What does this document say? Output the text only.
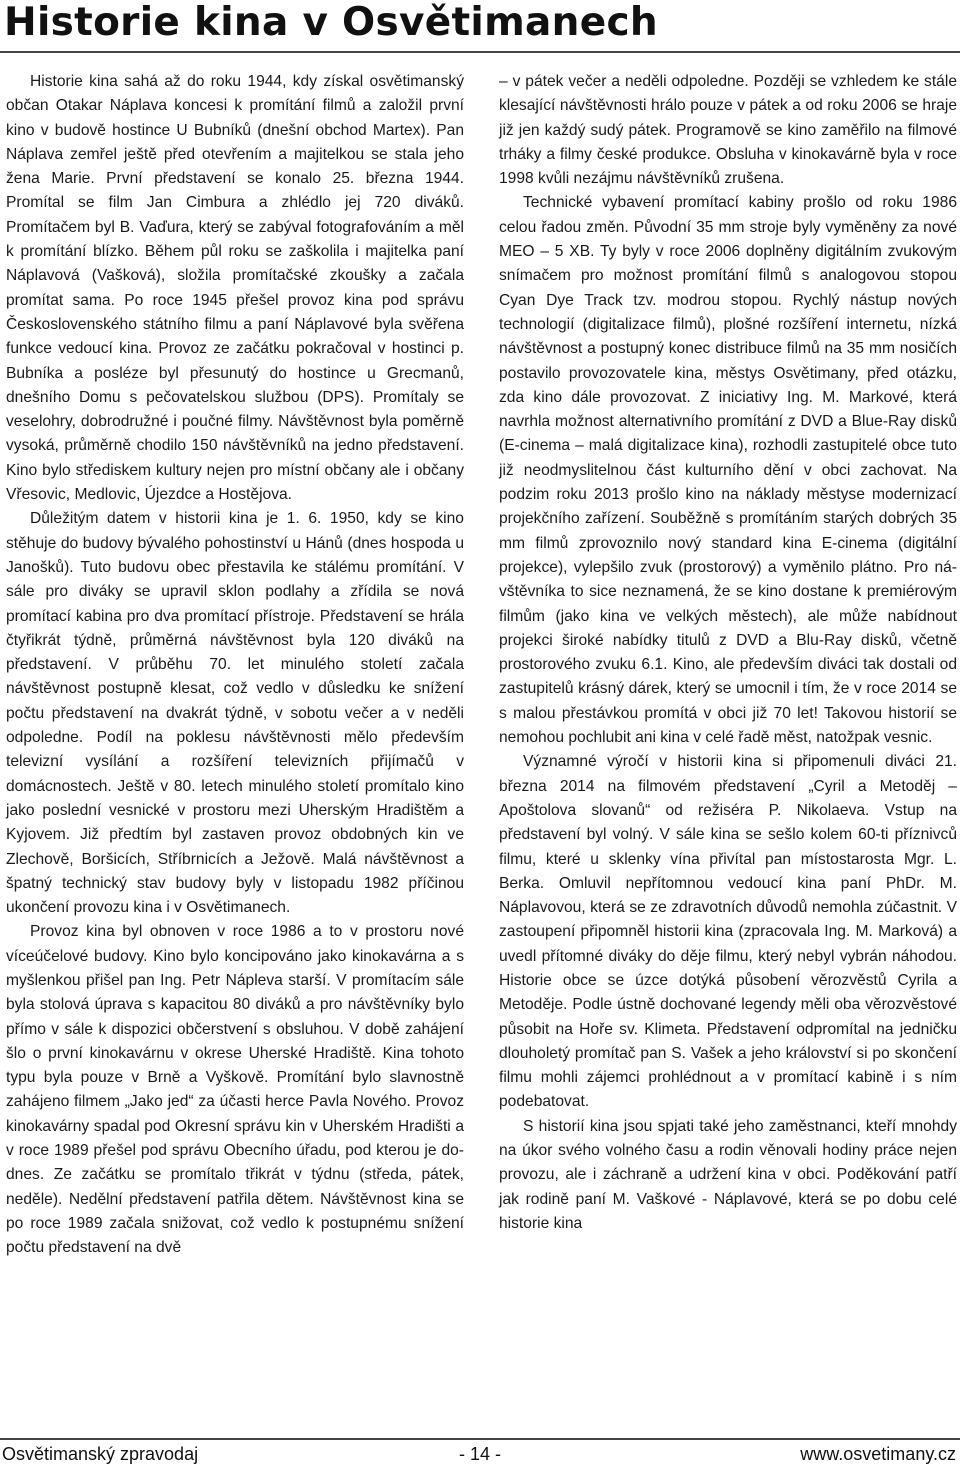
Historie kina v Osvětimanech

Historie kina sahá až do roku 1944, kdy získal osvětimanský občan Otakar Náplava koncesi k promítání filmů a založil první kino v budově hostince U Bubníků (dnešní obchod Martex). Pan Náplava zemřel ještě před otevřením a majitelkou se stala jeho žena Marie. První představení se konalo 25. března 1944. Promítal se film Jan Cimbura a zhlédlo jej 720 diváků. Promítačem byl B. Vaďura, který se zabýval fotografováním a měl k promítání blízko. Během půl roku se zaškolila i majitelka paní Náplavová (Vašková), složila promítačské zkoušky a začala promítat sama. Po roce 1945 přešel provoz kina pod správu Československého státního filmu a paní Náplavové byla svěřena funkce vedoucí kina. Provoz ze začátku pokračoval v hostinci p. Bubníka a posléze byl přesunutý do hostince u Grecmanů, dnešního Domu s pečovatelskou službou (DPS). Promítaly se veselohry, dobrodružné i poučné filmy. Návštěvnost byla poměrně vysoká, průměrně chodilo 150 návštěvníků na jedno představení. Kino bylo střediskem kultury nejen pro místní občany ale i občany Vřesovic, Medlovic, Újezdce a Hostějova.

Důležitým datem v historii kina je 1. 6. 1950, kdy se kino stěhuje do budovy bývalého pohostinství u Hánů (dnes hospoda u Janošků). Tuto budovu obec přestavila ke stálému promítání. V sále pro diváky se upravil sklon podlahy a zřídila se nová promítací kabina pro dva promítací přístroje. Představení se hrála čtyřikrát týdně, průměrná návštěvnost byla 120 diváků na představení. V průběhu 70. let minulého století začala návštěvnost postupně klesat, což vedlo v důsledku ke snížení počtu představení na dvakrát týdně, v sobotu večer a v neděli odpoledne. Podíl na poklesu návštěvnosti mělo především televizní vysílání a rozšíření televizních přijímačů v domácnostech. Ještě v 80. letech minulého století promítalo kino jako poslední vesnické v prostoru mezi Uherským Hradištěm a Kyjovem. Již předtím byl zastaven provoz obdobných kin ve Zlechově, Boršicích, Stříbrnicích a Ježově. Malá návštěvnost a špatný technický stav budovy byly v listopadu 1982 příčinou ukončení provozu kina i v Osvětimanech.

Provoz kina byl obnoven v roce 1986 a to v prostoru nové víceúčelové budovy. Kino bylo koncipováno jako kinokavárna a s myšlenkou přišel pan Ing. Petr Nápleva starší. V promítacím sále byla stolová úprava s kapacitou 80 diváků a pro návštěvníky bylo přímo v sále k dispozici občerstvení s obsluhou. V době zahájení šlo o první kinokavárnu v okrese Uherské Hradiště. Kina tohoto typu byla pouze v Brně a Vyškově. Promítání bylo slavnostně zahájeno filmem „Jako jed“ za účasti herce Pavla Nového. Provoz kinokavárny spadal pod Okresní správu kin v Uherském Hradišti a v roce 1989 přešel pod správu Obecního úřadu, pod kterou je dodnes. Ze začátku se promítalo třikrát v týdnu (středa, pátek, neděle). Nedělní představení patřila dětem. Návštěvnost kina se po roce 1989 začala snižovat, což vedlo k postupnému snížení počtu představení na dvě

– v pátek večer a neděli odpoledne. Později se vzhledem ke stále klesající návštěvnosti hrálo pouze v pátek a od roku 2006 se hraje již jen každý sudý pátek. Programově se kino zaměřilo na filmové trháky a filmy české produkce. Obsluha v kinokavárně byla v roce 1998 kvůli nezájmu návštěvníků zrušena.

Technické vybavení promítací kabiny prošlo od roku 1986 celou řadou změn. Původní 35 mm stroje byly vyměněny za nové MEO – 5 XB. Ty byly v roce 2006 doplněny digitálním zvukovým snímačem pro možnost promítání filmů s analogovou stopou Cyan Dye Track tzv. modrou stopou. Rychlý nástup nových technologií (digitalizace filmů), plošné rozšíření internetu, nízká návštěvnost a postupný konec distribuce filmů na 35 mm nosičích postavilo provozovatele kina, městys Osvětimany, před otázku, zda kino dále provozovat. Z iniciativy Ing. M. Markové, která navrhla možnost alternativního promítání z DVD a Blue-Ray disků (E-cinema – malá digitalizace kina), rozhodli zastupitelé obce tuto již neodmyslitelnou část kulturního dění v obci zachovat. Na podzim roku 2013 prošlo kino na náklady městyse modernizací projekčního zařízení. Souběžně s promítáním starých dobrých 35 mm filmů zprovoznilo nový standard kina E-cinema (digitální projekce), vylepšilo zvuk (prostorový) a vyměnilo plátno. Pro návštěvníka to sice neznamená, že se kino dostane k premiérovým filmům (jako kina ve velkých městech), ale může nabídnout projekci široké nabídky titulů z DVD a Blu-Ray disků, včetně prostorového zvuku 6.1. Kino, ale především diváci tak dostali od zastupitelů krásný dárek, který se umocnil i tím, že v roce 2014 se s malou přestávkou promítá v obci již 70 let! Takovou historií se nemohou pochlubit ani kina v celé řadě měst, natožpak vesnic.

Významné výročí v historii kina si připomenuli diváci 21. března 2014 na filmovém představení „Cyril a Metoděj – Apoštolova slovanů“ od režiséra P. Nikolaeva. Vstup na představení byl volný. V sále kina se sešlo kolem 60-ti příznivců filmu, které u sklenky vína přivítal pan místostarosta Mgr. L. Berka. Omluvil nepřítomnou vedoucí kina paní PhDr. M. Náplavovou, která se ze zdravotních důvodů nemohla zúčastnit. V zastoupení připomněl historii kina (zpracovala Ing. M. Marková) a uvedl přítomné diváky do děje filmu, který nebyl vybrán náhodou. Historie obce se úzce dotýká působení věrozvěstů Cyrila a Metoděje. Podle ústně dochované legendy měli oba věrozvěstové působit na Hoře sv. Klimeta. Představení odpromítal na jedničku dlouholetý promítač pan S. Vašek a jeho království si po skončení filmu mohli zájemci prohlédnout a v promítací kabině i s ním podebatovat.

S historií kina jsou spjati také jeho zaměstnanci, kteří mnohdy na úkor svého volného času a rodin věnovali hodiny práce nejen provozu, ale i záchraně a udržení kina v obci. Poděkování patří jak rodině paní M. Vaškové - Náplavové, která se po dobu celé historie kina

- 14 -
Osvětimanský zpravodaj	www.osvetimany.cz
